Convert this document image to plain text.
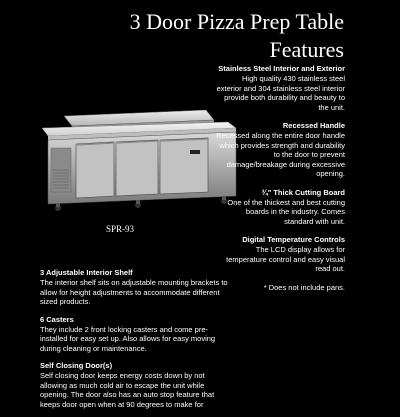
3 Door Pizza Prep Table
Features
SPR-93
Stainless Steel Interior and Exterior

High quality 430 stainless steel exterior and 304 stainless steel interior provide both durability and beauty to the unit.

Recessed Handle

Recessed along the entire door handle which provides strength and durability to the door to prevent damage/breakage during excessive opening.

¾" Thick Cutting Board

One of the thickest and best cutting boards in the industry. Comes standard with unit.

Digital Temperature Controls

The LCD display allows for temperature control and easy visual read out.

* Does not include pans.
3 Adjustable Interior Shelf

The interior shelf sits on adjustable mounting brackets to allow for height adjustments to accommodate different sized products.

6 Casters

They include 2 front locking casters and come pre-installed for easy set up. Also allows for easy moving during cleaning or maintenance.

Self Closing Door(s)

Self closing door keeps energy costs down by not allowing as much cold air to escape the unit while opening. The door also has an auto stop feature that keeps door open when at 90 degrees to make for
